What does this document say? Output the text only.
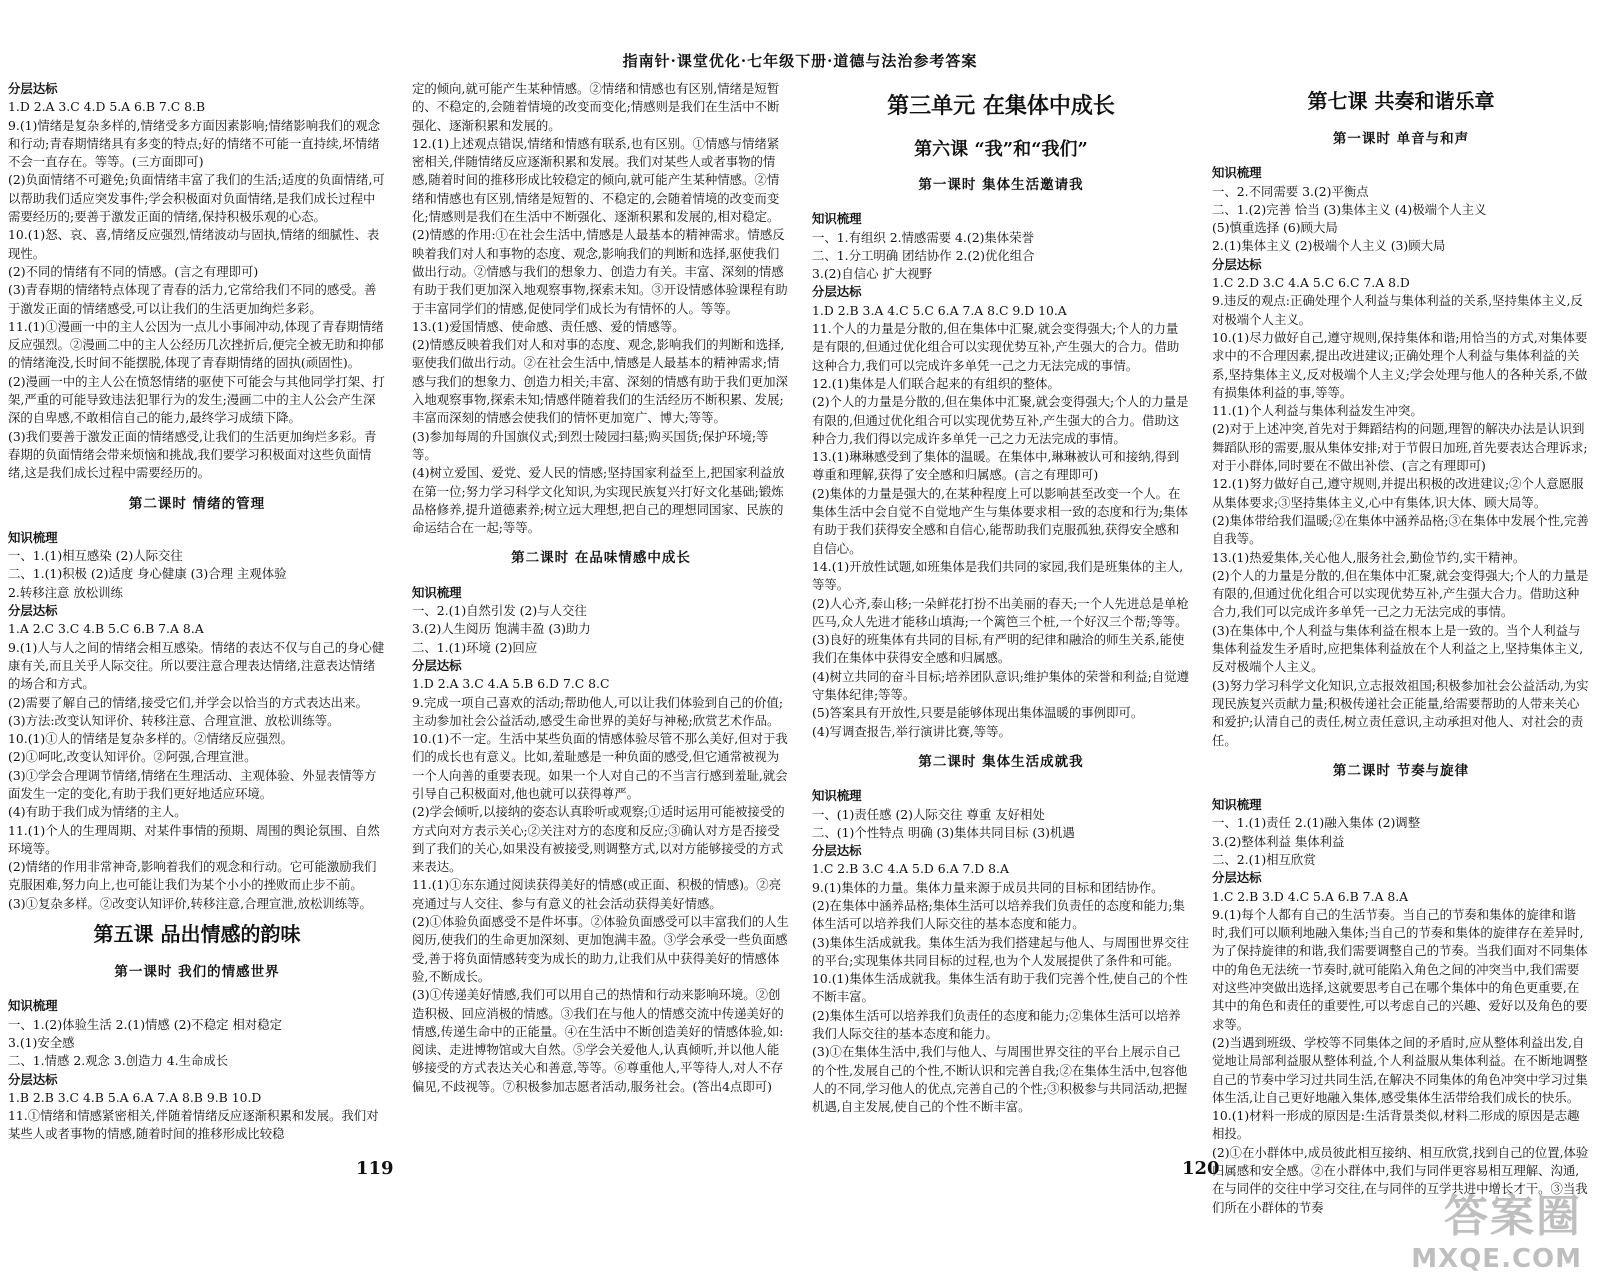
指南针·课堂优化·七年级下册·道德与法治参考答案

分层达标

1.D 2.A 3.C 4.D 5.A 6.B 7.C 8.B

9.(1)情绪是复杂多样的,情绪受多方面因素影响;情绪影响我们的观念和行动;青春期情绪具有多变的特点;好的情绪不可能一直持续,坏情绪不会一直存在。等等。(三方面即可)

(2)负面情绪不可避免;负面情绪丰富了我们的生活;适度的负面情绪,可以帮助我们适应突发事件;学会积极面对负面情绪,是我们成长过程中需要经历的;要善于激发正面的情绪,保持积极乐观的心态。

10.(1)怒、哀、喜,情绪反应强烈,情绪波动与固执,情绪的细腻性、表现性。

(2)不同的情绪有不同的情感。(言之有理即可)

(3)青春期的情绪特点体现了青春的活力,它常给我们不同的感受。善于激发正面的情绪感受,可以让我们的生活更加绚烂多彩。

11.(1)①漫画一中的主人公因为一点儿小事闹冲动,体现了青春期情绪反应强烈。②漫画二中的主人公经历几次挫折后,便完全被无助和抑郁的情绪淹没,长时间不能摆脱,体现了青春期情绪的固执(顽固性)。

(2)漫画一中的主人公在愤怒情绪的驱使下可能会与其他同学打架、打架,严重的可能导致违法犯罪行为的发生;漫画二中的主人公会产生深深的自卑感,不敢相信自己的能力,最终学习成绩下降。

(3)我们要善于激发正面的情绪感受,让我们的生活更加绚烂多彩。青春期的负面情绪会带来烦恼和挑战,我们要学习积极面对这些负面情绪,这是我们成长过程中需要经历的。

第二课时 情绪的管理

知识梳理

一、1.(1)相互感染 (2)人际交往

二、1.(1)积极 (2)适度 身心健康 (3)合理 主观体验

2.转移注意 放松训练

分层达标

1.A 2.C 3.C 4.B 5.C 6.B 7.A 8.A

9.(1)人与人之间的情绪会相互感染。情绪的表达不仅与自己的身心健康有关,而且关乎人际交往。所以要注意合理表达情绪,注意表达情绪的场合和方式。

(2)需要了解自己的情绪,接受它们,并学会以恰当的方式表达出来。

(3)方法:改变认知评价、转移注意、合理宣泄、放松训练等。

10.(1)①人的情绪是复杂多样的。②情绪反应强烈。

(2)①呵叱,改变认知评价。②阿强,合理宣泄。

(3)①学会合理调节情绪,情绪在生理活动、主观体验、外显表情等方面发生一定的变化,有助于我们更好地适应环境。

(4)有助于我们成为情绪的主人。

11.(1)个人的生理周期、对某件事情的预期、周围的舆论氛围、自然环境等。

(2)情绪的作用非常神奇,影响着我们的观念和行动。它可能激励我们克服困难,努力向上,也可能让我们为某个小小的挫败而止步不前。

(3)①复杂多样。②改变认知评价,转移注意,合理宣泄,放松训练等。

第五课 品出情感的韵味
第一课时 我们的情感世界

知识梳理

一、1.(2)体验生活 2.(1)情感 (2)不稳定 相对稳定

3.(1)安全感

二、1.情感 2.观念 3.创造力 4.生命成长

分层达标

1.B 2.B 3.C 4.B 5.A 6.A 7.A 8.B 9.B 10.D

11.①情绪和情感紧密相关,伴随着情绪反应逐渐积累和发展。我们对某些人或者事物的情感,随着时间的推移形成比较稳

定的倾向,就可能产生某种情感。②情绪和情感也有区别,情绪是短暂的、不稳定的,会随着情境的改变而变化;情感则是我们在生活中不断强化、逐渐积累和发展的。

12.(1)上述观点错误,情绪和情感有联系,也有区别。①情感与情绪紧密相关,伴随情绪反应逐渐积累和发展。我们对某些人或者事物的情感,随着时间的推移形成比较稳定的倾向,就可能产生某种情感。②情绪和情感也有区别,情绪是短暂的、不稳定的,会随着情境的改变而变化;情感则是我们在生活中不断强化、逐渐积累和发展的,相对稳定。

(2)情感的作用:①在社会生活中,情感是人最基本的精神需求。情感反映着我们对人和事物的态度、观念,影响我们的判断和选择,驱使我们做出行动。②情感与我们的想象力、创造力有关。丰富、深刻的情感有助于我们更加深入地观察事物,探索未知。③开设情感体验课程有助于丰富同学们的情感,促使同学们成长为有情怀的人。等等。

13.(1)爱国情感、使命感、责任感、爱的情感等。

(2)情感反映着我们对人和对事的态度、观念,影响我们的判断和选择,驱使我们做出行动。②在社会生活中,情感是人最基本的精神需求;情感与我们的想象力、创造力相关;丰富、深刻的情感有助于我们更加深入地观察事物,探索未知;情感伴随着我们的生活经历不断积累、发展;丰富而深刻的情感会使我们的情怀更加宽广、博大;等等。

(3)参加每周的升国旗仪式;到烈士陵园扫墓;购买国货;保护环境;等等。

(4)树立爱国、爱党、爱人民的情感;坚持国家利益至上,把国家利益放在第一位;努力学习科学文化知识,为实现民族复兴打好文化基础;锻炼品格修养,提升道德素养;树立远大理想,把自己的理想同国家、民族的命运结合在一起;等等。

第二课时 在品味情感中成长

知识梳理

一、2.(1)自然引发 (2)与人交往

3.(2)人生阅历 饱满丰盈 (3)助力

二、1.(1)环境 (2)回应

分层达标

1.D 2.A 3.C 4.A 5.B 6.D 7.C 8.C

9.完成一项自己喜欢的活动;帮助他人,可以让我们体验到自己的价值;主动参加社会公益活动,感受生命世界的美好与神秘;欣赏艺术作品。

10.(1)不一定。生活中某些负面的情感体验尽管不那么美好,但对于我们的成长也有意义。比如,羞耻感是一种负面的感受,但它通常被视为一个人向善的重要表现。如果一个人对自己的不当言行感到羞耻,就会引导自己积极面对,他也就可以获得尊严。

(2)学会倾听,以接纳的姿态认真聆听或观察;①适时运用可能被接受的方式向对方表示关心;②关注对方的态度和反应;③确认对方是否接受到了我们的关心,如果没有被接受,则调整方式,以对方能够接受的方式来表达。

11.(1)①东东通过阅读获得美好的情感(或正面、积极的情感)。②亮亮通过与人交往、参与有意义的社会活动获得美好情感。

(2)①体验负面感受不是件坏事。②体验负面感受可以丰富我们的人生阅历,使我们的生命更加深刻、更加饱满丰盈。③学会承受一些负面感受,善于将负面情感转变为成长的助力,让我们从中获得美好的情感体验,不断成长。

(3)①传递美好情感,我们可以用自己的热情和行动来影响环境。②创造积极、回应消极的情感。③我们在与他人的情感交流中传递美好的情感,传递生命中的正能量。④在生活中不断创造美好的情感体验,如:阅读、走进博物馆或大自然。⑤学会关爱他人,认真倾听,并以他人能够接受的方式表达关心和善意,等等。⑥尊重他人,平等待人,对人不存偏见,不歧视等。⑦积极参加志愿者活动,服务社会。(答出4点即可)

第三单元 在集体中成长
第六课 “我”和“我们”
第一课时 集体生活邀请我

知识梳理

一、1.有组织 2.情感需要 4.(2)集体荣誉

二、1.分工明确 团结协作 2.(2)优化组合

3.(2)自信心 扩大视野

分层达标

1.D 2.B 3.A 4.C 5.C 6.A 7.A 8.C 9.D 10.A

11.个人的力量是分散的,但在集体中汇聚,就会变得强大;个人的力量是有限的,但通过优化组合可以实现优势互补,产生强大的合力。借助这种合力,我们可以完成许多单凭一己之力无法完成的事情。

12.(1)集体是人们联合起来的有组织的整体。

(2)个人的力量是分散的,但在集体中汇聚,就会变得强大;个人的力量是有限的,但通过优化组合可以实现优势互补,产生强大的合力。借助这种合力,我们得以完成许多单凭一己之力无法完成的事情。

13.(1)琳琳感受到了集体的温暖。在集体中,琳琳被认可和接纳,得到尊重和理解,获得了安全感和归属感。(言之有理即可)

(2)集体的力量是强大的,在某种程度上可以影响甚至改变一个人。在集体生活中会自觉不自觉地产生与集体要求相一致的态度和行为;集体有助于我们获得安全感和自信心,能帮助我们克服孤独,获得安全感和自信心。

14.(1)开放性试题,如班集体是我们共同的家园,我们是班集体的主人,等等。

(2)人心齐,泰山移;一朵鲜花打扮不出美丽的春天;一个人先进总是单枪匹马,众人先进才能移山填海;一个篱笆三个桩,一个好汉三个帮;等等。

(3)良好的班集体有共同的目标,有严明的纪律和融洽的师生关系,能使我们在集体中获得安全感和归属感。

(4)树立共同的奋斗目标;培养团队意识;维护集体的荣誉和利益;自觉遵守集体纪律;等等。

(5)答案具有开放性,只要是能够体现出集体温暖的事例即可。

(4)写调查报告,举行演讲比赛,等等。

第二课时 集体生活成就我

知识梳理

一、(1)责任感 (2)人际交往 尊重 友好相处

二、(1)个性特点 明确 (3)集体共同目标 (3)机遇

分层达标

1.C 2.B 3.C 4.A 5.D 6.A 7.D 8.A

9.(1)集体的力量。集体力量来源于成员共同的目标和团结协作。

(2)在集体中涵养品格;集体生活可以培养我们负责任的态度和能力;集体生活可以培养我们人际交往的基本态度和能力。

(3)集体生活成就我。集体生活为我们搭建起与他人、与周围世界交往的平台;实现集体共同目标的过程,也为个人发展提供了条件和可能。

10.(1)集体生活成就我。集体生活有助于我们完善个性,使自己的个性不断丰富。

(2)集体生活可以培养我们负责任的态度和能力;②集体生活可以培养我们人际交往的基本态度和能力。

(3)①在集体生活中,我们与他人、与周围世界交往的平台上展示自己的个性,发展自己的个性,不断认识和完善自我;②在集体生活中,包容他人的不同,学习他人的优点,完善自己的个性;③积极参与共同活动,把握机遇,自主发展,使自己的个性不断丰富。

第七课 共奏和谐乐章
第一课时 单音与和声

知识梳理

一、2.不同需要 3.(2)平衡点

二、1.(2)完善 恰当 (3)集体主义 (4)极端个人主义

(5)慎重选择 (6)顾大局

2.(1)集体主义 (2)极端个人主义 (3)顾大局

分层达标

1.C 2.D 3.C 4.A 5.C 6.C 7.A 8.D

9.违反的观点:正确处理个人利益与集体利益的关系,坚持集体主义,反对极端个人主义。

10.(1)尽力做好自己,遵守规则,保持集体和谐;用恰当的方式,对集体要求中的不合理因素,提出改进建议;正确处理个人利益与集体利益的关系,坚持集体主义,反对极端个人主义;学会处理与他人的各种关系,不做有损集体利益的事,等等。

11.(1)个人利益与集体利益发生冲突。

(2)对于上述冲突,首先对于舞蹈结构的问题,理智的解决办法是认识到舞蹈队形的需要,服从集体安排;对于节假日加班,首先要表达合理诉求;对于小群体,同时要在不做出补偿、(言之有理即可)

12.(1)努力做好自己,遵守规则,并提出积极的改进建议;②个人意愿服从集体要求;③坚持集体主义,心中有集体,识大体、顾大局等。

(2)集体带给我们温暖;②在集体中涵养品格;③在集体中发展个性,完善自我等。

13.(1)热爱集体,关心他人,服务社会,勤俭节约,实干精神。

(2)个人的力量是分散的,但在集体中汇聚,就会变得强大;个人的力量是有限的,但通过优化组合可以实现优势互补,产生强大合力。借助这种合力,我们可以完成许多单凭一己之力无法完成的事情。

(3)在集体中,个人利益与集体利益在根本上是一致的。当个人利益与集体利益发生矛盾时,应把集体利益放在个人利益之上,坚持集体主义,反对极端个人主义。

(3)努力学习科学文化知识,立志报效祖国;积极参加社会公益活动,为实现民族复兴贡献力量;积极传递社会正能量,给需要帮助的人带来关心和爱护;认清自己的责任,树立责任意识,主动承担对他人、对社会的责任。

第二课时 节奏与旋律

知识梳理

一、1.(1)责任 2.(1)融入集体 (2)调整

3.(2)整体利益 集体利益

二、2.(1)相互欣赏

分层达标

1.C 2.B 3.D 4.C 5.A 6.B 7.A 8.A

9.(1)每个人都有自己的生活节奏。当自己的节奏和集体的旋律和谐时,我们可以顺利地融入集体;当自己的节奏和集体的旋律存在差异时,为了保持旋律的和谐,我们需要调整自己的节奏。当我们面对不同集体中的角色无法统一节奏时,就可能陷入角色之间的冲突当中,我们需要对这些冲突做出选择,这就要思考自己在哪个集体中的角色更重要,在其中的角色和责任的重要性,可以考虑自己的兴趣、爱好以及角色的要求等。

(2)当遇到班级、学校等不同集体之间的矛盾时,应从整体利益出发,自觉地让局部利益服从整体利益,个人利益服从集体利益。在不断地调整自己的节奏中学习过共同生活,在解决不同集体的角色冲突中学习过集体生活,让自己更好地融入集体,感受集体生活带给我们成长的快乐。

10.(1)材料一形成的原因是:生活背景类似,材料二形成的原因是志趣相投。

(2)①在小群体中,成员彼此相互接纳、相互欣赏,找到自己的位置,体验归属感和安全感。②在小群体中,我们与同伴更容易相互理解、沟通,在与同伴的交往中学习交往,在与同伴的互学共进中增长才干。③当我们所在小群体的节奏

119	120
答案圈
MXQE.COM
